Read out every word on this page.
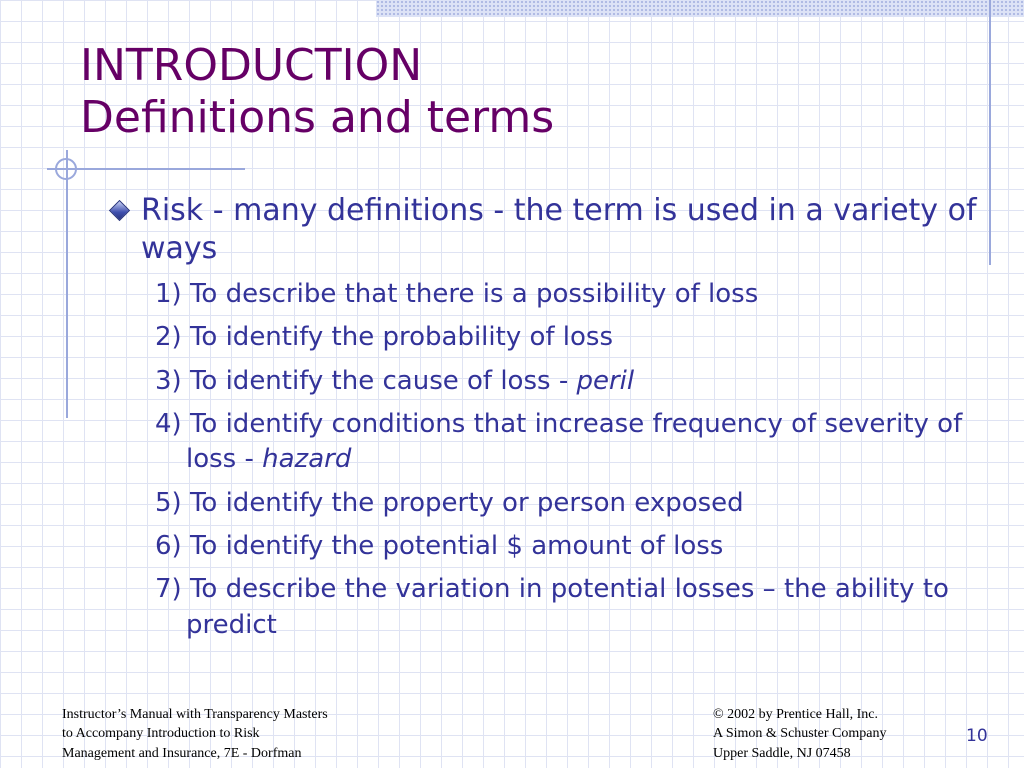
INTRODUCTION
Definitions and terms
Risk - many definitions - the term is used in a variety of ways
1) To describe that there is a possibility of loss
2) To identify the probability of loss
3) To identify the cause of loss - peril
4) To identify conditions that increase frequency of severity of loss - hazard
5) To identify the property or person exposed
6) To identify the potential $ amount of loss
7) To describe the variation in potential losses – the ability to predict
Instructor’s Manual with Transparency Masters
to Accompany Introduction to Risk
Management and Insurance, 7E - Dorfman
© 2002 by Prentice Hall, Inc.
A Simon & Schuster Company
Upper Saddle, NJ 07458
10
